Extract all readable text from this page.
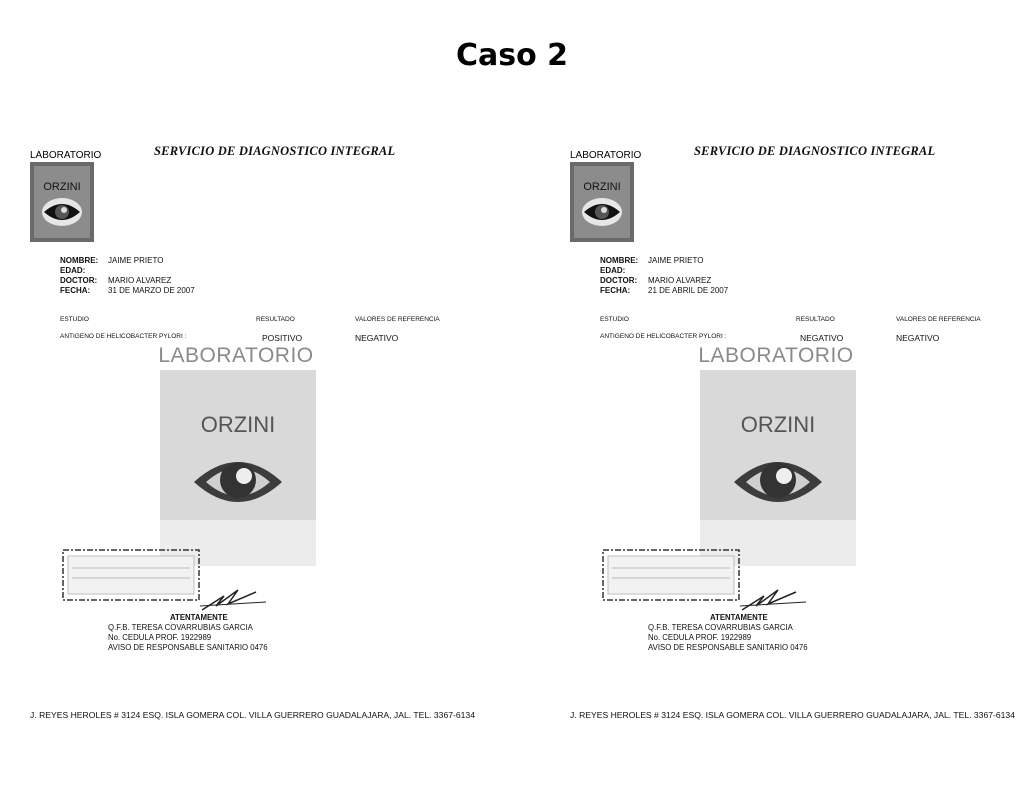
Caso 2
LABORATORIO	SERVICIO DE DIAGNOSTICO INTEGRAL
ORZINI
NOMBRE:	JAIME PRIETO
EDAD:
DOCTOR:	MARIO ALVAREZ
FECHA:	31 DE MARZO DE 2007
ESTUDIO	RESULTADO	VALORES DE REFERENCIA
ANTIGENO DE HELICOBACTER PYLORI :	POSITIVO	NEGATIVO
LABORATORIO
ORZINI
ATENTAMENTE
Q.F.B. TERESA COVARRUBIAS GARCIA
No. CEDULA PROF. 1922989
AVISO DE RESPONSABLE SANITARIO 0476
J. REYES HEROLES # 3124 ESQ. ISLA GOMERA COL. VILLA GUERRERO GUADALAJARA, JAL. TEL. 3367-6134
LABORATORIO	SERVICIO DE DIAGNOSTICO INTEGRAL
ORZINI
NOMBRE:	JAIME PRIETO
EDAD:
DOCTOR:	MARIO ALVAREZ
FECHA:	21 DE ABRIL DE 2007
ESTUDIO	RESULTADO	VALORES DE REFERENCIA
ANTIGENO DE HELICOBACTER PYLORI :	NEGATIVO	NEGATIVO
LABORATORIO
ORZINI
ATENTAMENTE
Q.F.B. TERESA COVARRUBIAS GARCIA
No. CEDULA PROF. 1922989
AVISO DE RESPONSABLE SANITARIO 0476
J. REYES HEROLES # 3124 ESQ. ISLA GOMERA COL. VILLA GUERRERO GUADALAJARA, JAL. TEL. 3367-6134
